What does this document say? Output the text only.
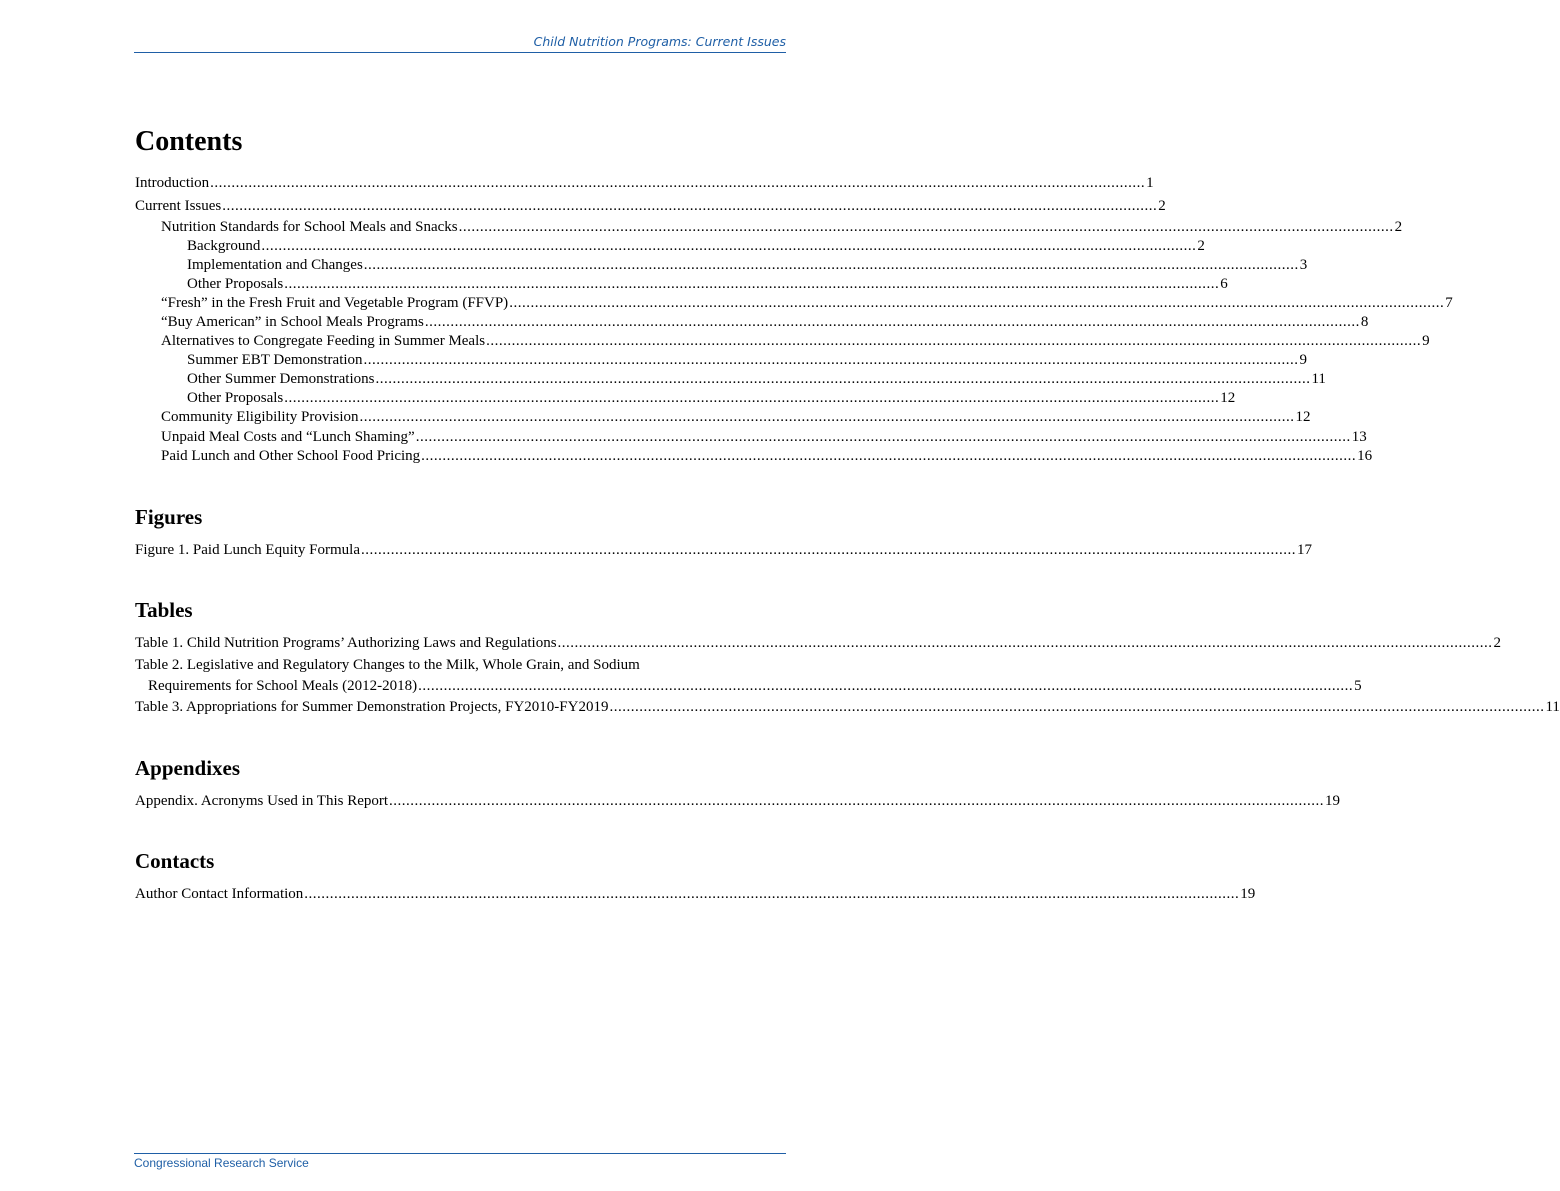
Child Nutrition Programs: Current Issues
Contents
Introduction ............................................................................................................................................................................................................................ 1
Current Issues ............................................................................................................................................................................................................................ 2
Nutrition Standards for School Meals and Snacks ............................................................................................................................................................................................................................ 2
Background ............................................................................................................................................................................................................................ 2
Implementation and Changes ............................................................................................................................................................................................................................ 3
Other Proposals ............................................................................................................................................................................................................................ 6
“Fresh” in the Fresh Fruit and Vegetable Program (FFVP) ............................................................................................................................................................................................................................ 7
“Buy American” in School Meals Programs ............................................................................................................................................................................................................................ 8
Alternatives to Congregate Feeding in Summer Meals ............................................................................................................................................................................................................................ 9
Summer EBT Demonstration ............................................................................................................................................................................................................................ 9
Other Summer Demonstrations ............................................................................................................................................................................................................................ 11
Other Proposals ............................................................................................................................................................................................................................ 12
Community Eligibility Provision ............................................................................................................................................................................................................................ 12
Unpaid Meal Costs and “Lunch Shaming” ............................................................................................................................................................................................................................ 13
Paid Lunch and Other School Food Pricing ............................................................................................................................................................................................................................ 16
Figures
Figure 1. Paid Lunch Equity Formula ............................................................................................................................................................................................................................ 17
Tables
Table 1. Child Nutrition Programs’ Authorizing Laws and Regulations ............................................................................................................................................................................................................................ 2
Table 2. Legislative and Regulatory Changes to the Milk, Whole Grain, and Sodium
Requirements for School Meals (2012-2018) ............................................................................................................................................................................................................................ 5
Table 3. Appropriations for Summer Demonstration Projects, FY2010-FY2019 ............................................................................................................................................................................................................................ 11
Appendixes
Appendix. Acronyms Used in This Report ............................................................................................................................................................................................................................ 19
Contacts
Author Contact Information ............................................................................................................................................................................................................................ 19
Congressional Research Service
